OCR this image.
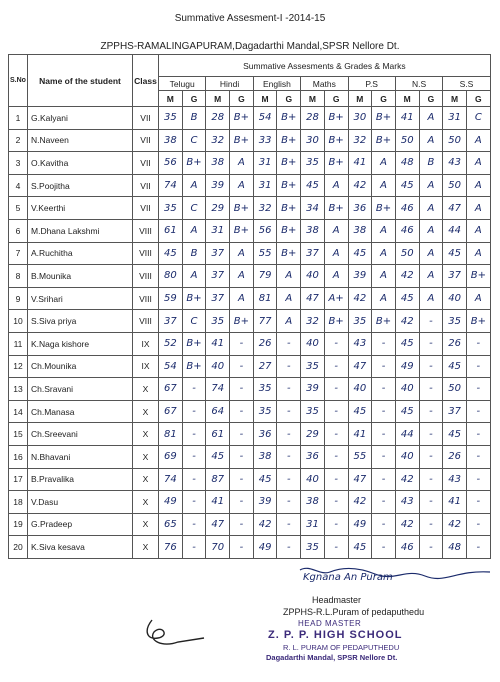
Summative Assesment-I -2014-15
ZPPHS-RAMALINGAPURAM,Dagadarthi Mandal,SPSR Nellore Dt.
S.No	Name of the student	Class	Summative Assesments & Grades & Marks													
			Telugu		Hindi		English		Maths		P.S		N.S		S.S	
			M	G	M	G	M	G	M	G	M	G	M	G	M	G
1	G.Kalyani	VII	35	B	28	B+	54	B+	28	B+	30	B+	41	A	31	C
2	N.Naveen	VII	38	C	32	B+	33	B+	30	B+	32	B+	50	A	50	A
3	O.Kavitha	VII	56	B+	38	A	31	B+	35	B+	41	A	48	B	43	A
4	S.Poojitha	VII	74	A	39	A	31	B+	45	A	42	A	45	A	50	A
5	V.Keerthi	VII	35	C	29	B+	32	B+	34	B+	36	B+	46	A	47	A
6	M.Dhana Lakshmi	VIII	61	A	31	B+	56	B+	38	A	38	A	46	A	44	A
7	A.Ruchitha	VIII	45	B	37	A	55	B+	37	A	45	A	50	A	45	A
8	B.Mounika	VIII	80	A	37	A	79	A	40	A	39	A	42	A	37	B+
9	V.Srihari	VIII	59	B+	37	A	81	A	47	A+	42	A	45	A	40	A
10	S.Siva priya	VIII	37	C	35	B+	77	A	32	B+	35	B+	42	-	35	B+
11	K.Naga kishore	IX	52	B+	41	-	26	-	40	-	43	-	45	-	26	-
12	Ch.Mounika	IX	54	B+	40	-	27	-	35	-	47	-	49	-	45	-
13	Ch.Sravani	X	67	-	74	-	35	-	39	-	40	-	40	-	50	-
14	Ch.Manasa	X	67	-	64	-	35	-	35	-	45	-	45	-	37	-
15	Ch.Sreevani	X	81	-	61	-	36	-	29	-	41	-	44	-	45	-
16	N.Bhavani	X	69	-	45	-	38	-	36	-	55	-	40	-	26	-
17	B.Pravalika	X	74	-	87	-	45	-	40	-	47	-	42	-	43	-
18	V.Dasu	X	49	-	41	-	39	-	38	-	42	-	43	-	41	-
19	G.Pradeep	X	65	-	47	-	42	-	31	-	49	-	42	-	42	-
20	K.Siva kesava	X	76	-	70	-	49	-	35	-	45	-	46	-	48	-
Kgnana An Puram
Headmaster
ZPPHS-R.L.Puram of pedaputhedu
HEAD MASTER
Z. P. P. HIGH SCHOOL
R. L. PURAM OF PEDAPUTHEDU
Dagadarthi Mandal, SPSR Nellore Dt.
